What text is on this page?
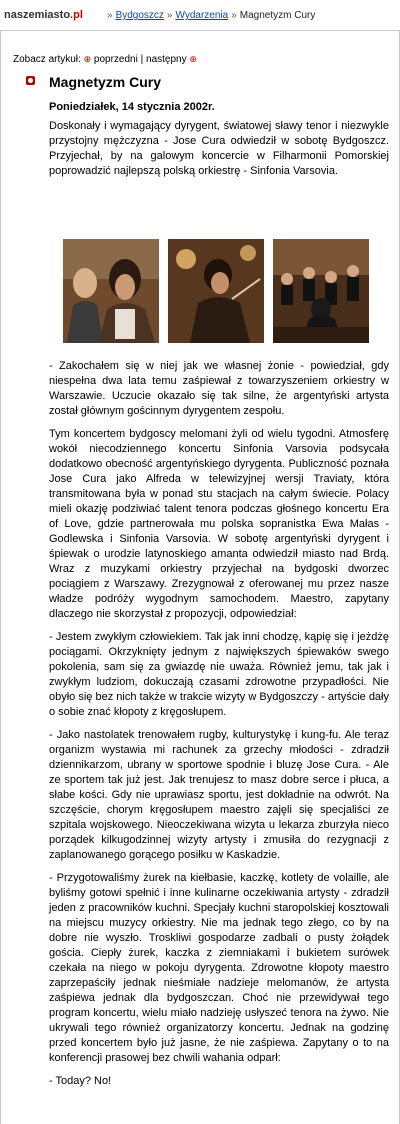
naszemiasto.pl	» Bydgoszcz » Wydarzenia » Magnetyzm Cury
Zobacz artykuł: ⊕ poprzedni | następny ⊕
Magnetyzm Cury
Poniedziałek, 14 stycznia 2002r.

Doskonały i wymagający dyrygent, światowej sławy tenor i niezwykle przystojny mężczyzna - Jose Cura odwiedził w sobotę Bydgoszcz. Przyjechał, by na galowym koncercie w Filharmonii Pomorskiej poprowadzić najlepszą polską orkiestrę - Sinfonia Varsovia.

- Zakochałem się w niej jak we własnej żonie - powiedział, gdy niespełna dwa lata temu zaśpiewał z towarzyszeniem orkiestry w Warszawie. Uczucie okazało się tak silne, że argentyński artysta został głównym gościnnym dyrygentem zespołu.

Tym koncertem bydgoscy melomani żyli od wielu tygodni. Atmosferę wokół niecodziennego koncertu Sinfonia Varsovia podsycała dodatkowo obecność argentyńskiego dyrygenta. Publiczność poznała Jose Cura jako Alfreda w telewizyjnej wersji Traviaty, która transmitowana była w ponad stu stacjach na całym świecie. Polacy mieli okazję podziwiać talent tenora podczas głośnego koncertu Era of Love, gdzie partnerowała mu polska sopranistka Ewa Małas - Godlewska i Sinfonia Varsovia. W sobotę argentyński dyrygent i śpiewak o urodzie latynoskiego amanta odwiedził miasto nad Brdą. Wraz z muzykami orkiestry przyjechał na bydgoski dworzec pociągiem z Warszawy. Zrezygnował z oferowanej mu przez nasze władze podróży wygodnym samochodem. Maestro, zapytany dlaczego nie skorzystał z propozycji, odpowiedział:

- Jestem zwykłym człowiekiem. Tak jak inni chodzę, kąpię się i jeżdżę pociągami. Okrzyknięty jednym z największych śpiewaków swego pokolenia, sam się za gwiazdę nie uważa. Również jemu, tak jak i zwykłym ludziom, dokuczają czasami zdrowotne przypadłości. Nie obyło się bez nich także w trakcie wizyty w Bydgoszczy - artyście dały o sobie znać kłopoty z kręgosłupem.

- Jako nastolatek trenowałem rugby, kulturystykę i kung-fu. Ale teraz organizm wystawia mi rachunek za grzechy młodości - zdradził dziennikarzom, ubrany w sportowe spodnie i bluzę Jose Cura. - Ale ze sportem tak już jest. Jak trenujesz to masz dobre serce i płuca, a słabe kości. Gdy nie uprawiasz sportu, jest dokładnie na odwrót. Na szczęście, chorym kręgosłupem maestro zajęli się specjaliści ze szpitala wojskowego. Nieoczekiwana wizyta u lekarza zburzyła nieco porządek kilkugodzinnej wizyty artysty i zmusiła do rezygnacji z zaplanowanego gorącego posiłku w Kaskadzie.

- Przygotowaliśmy żurek na kiełbasie, kaczkę, kotlety de volaille, ale byliśmy gotowi spełnić i inne kulinarne oczekiwania artysty - zdradził jeden z pracowników kuchni. Specjały kuchni staropolskiej kosztowali na miejscu muzycy orkiestry. Nie ma jednak tego złego, co by na dobre nie wyszło. Troskliwi gospodarze zadbali o pusty żołądek gościa. Ciepły żurek, kaczka z ziemniakami i bukietem surówek czekała na niego w pokoju dyrygenta. Zdrowotne kłopoty maestro zaprzepaściły jednak nieśmiałe nadzieje melomanów, że artysta zaśpiewa jednak dla bydgoszczan. Choć nie przewidywał tego program koncertu, wielu miało nadzieję usłyszeć tenora na żywo. Nie ukrywali tego również organizatorzy koncertu. Jednak na godzinę przed koncertem było już jasne, że nie zaśpiewa. Zapytany o to na konferencji prasowej bez chwili wahania odparł:

- Today? No!
